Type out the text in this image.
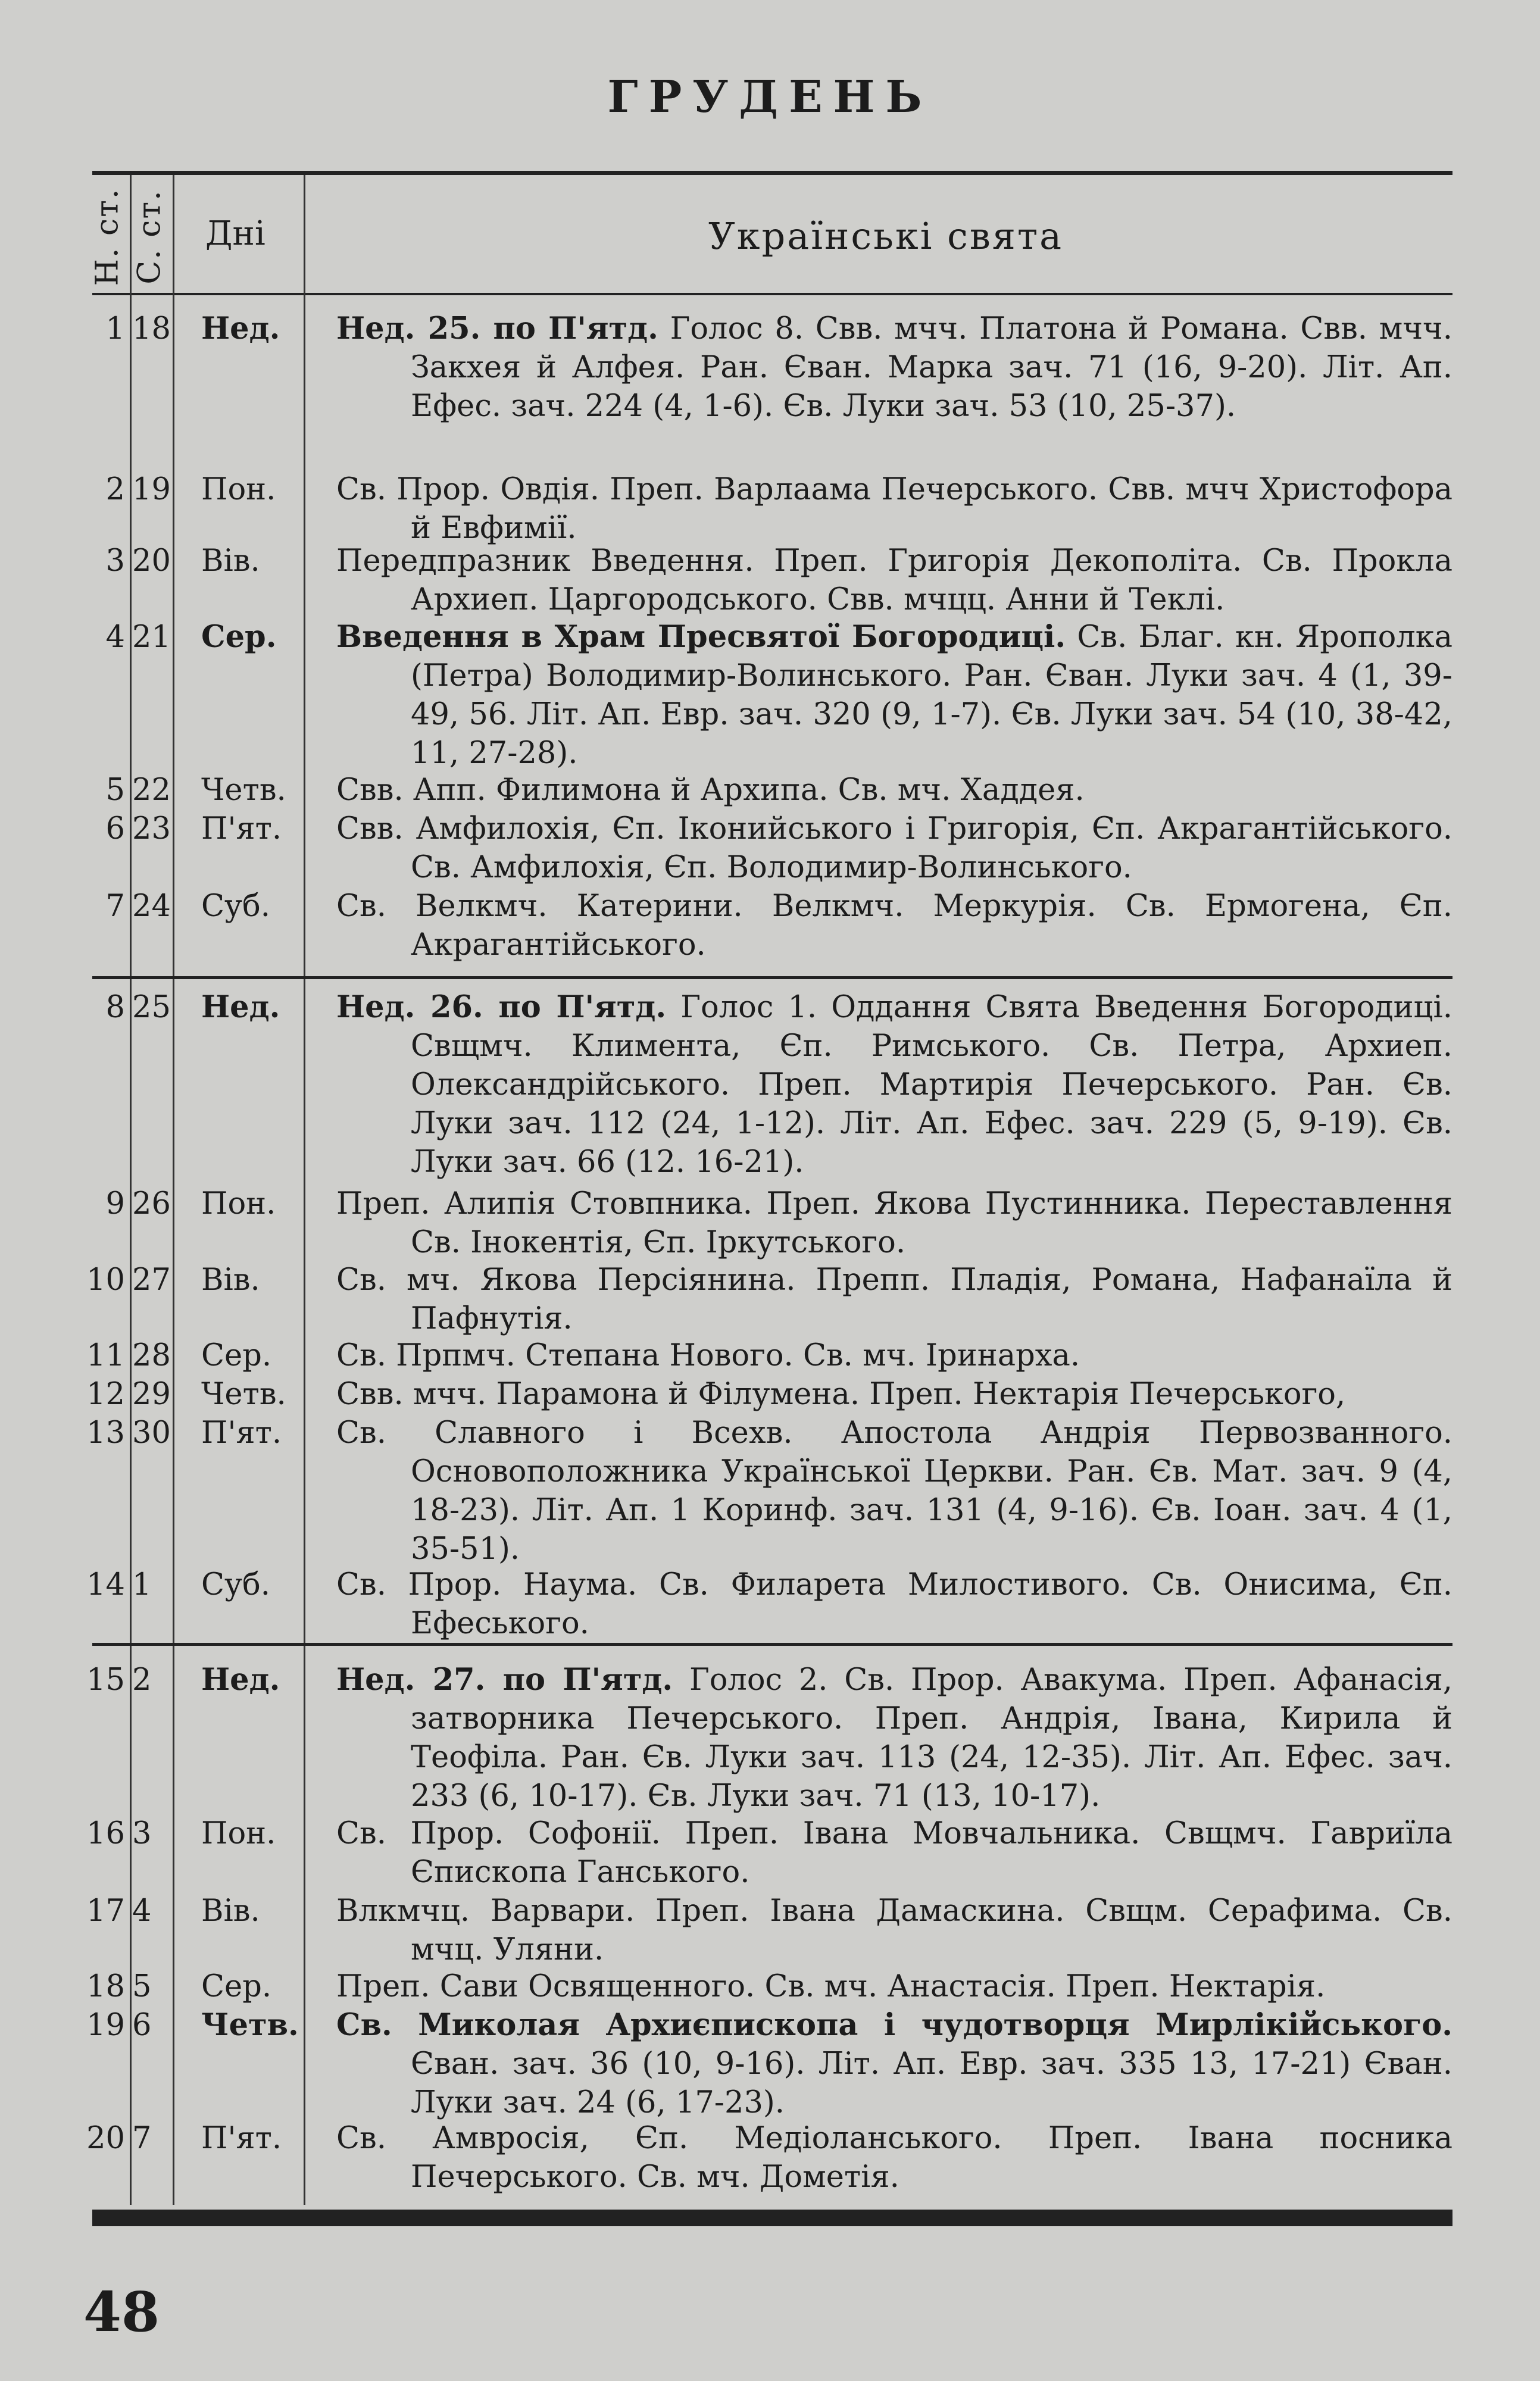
ГРУДЕНЬ
Н. ст. С. ст. Дні	Українські свята
1 18 Нед.	Нед. 25. по П'ятд. Голос 8. Свв. мчч. Платона й Романа. Свв. мчч. Закхея й Алфея. Ран. Єван. Марка зач. 71 (16, 9-20). Літ. Ап. Ефес. зач. 224 (4, 1-6). Єв. Луки зач. 53 (10, 25-37).
2 19 Пон.	Св. Прор. Овдія. Преп. Варлаама Печерського. Свв. мчч Христофора й Евфимії.
3 20 Вів.	Передпразник Введення. Преп. Григорія Декополіта. Св. Прокла Архиеп. Царгородського. Свв. мчцц. Анни й Теклі.
4 21 Сер.	Введення в Храм Пресвятої Богородиці. Св. Благ. кн. Ярополка (Петра) Володимир-Волинського. Ран. Єван. Луки зач. 4 (1, 39-49, 56. Літ. Ап. Евр. зач. 320 (9, 1-7). Єв. Луки зач. 54 (10, 38-42, 11, 27-28).
5 22 Четв.	Свв. Апп. Филимона й Архипа. Св. мч. Хаддея.
6 23 П'ят.	Свв. Амфилохія, Єп. Іконийського і Григорія, Єп. Акрагантійського. Св. Амфилохія, Єп. Володимир-Волинського.
7 24 Суб.	Св. Велкмч. Катерини. Велкмч. Меркурія. Св. Ермогена, Єп. Акрагантійського.
8 25 Нед.	Нед. 26. по П'ятд. Голос 1. Оддання Свята Введення Богородиці. Свщмч. Климента, Єп. Римського. Св. Петра, Архиеп. Олександрійського. Преп. Мартирія Печерського. Ран. Єв. Луки зач. 112 (24, 1-12). Літ. Ап. Ефес. зач. 229 (5, 9-19). Єв. Луки зач. 66 (12. 16-21).
9 26 Пон.	Преп. Алипія Стовпника. Преп. Якова Пустинника. Переставлення Св. Інокентія, Єп. Іркутського.
10 27 Вів.	Св. мч. Якова Персіянина. Препп. Пладія, Романа, Нафанаїла й Пафнутія.
11 28 Сер.	Св. Прпмч. Степана Нового. Св. мч. Іринарха.
12 29 Четв.	Свв. мчч. Парамона й Філумена. Преп. Нектарія Печерського,
13 30 П'ят.	Св. Славного і Всехв. Апостола Андрія Первозванного. Основоположника Української Церкви. Ран. Єв. Мат. зач. 9 (4, 18-23). Літ. Ап. 1 Коринф. зач. 131 (4, 9-16). Єв. Іоан. зач. 4 (1, 35-51).
14 1	Суб.	Св. Прор. Наума. Св. Филарета Милостивого. Св. Онисима, Єп. Ефеського.
15 2	Нед.	Нед. 27. по П'ятд. Голос 2. Св. Прор. Авакума. Преп. Афанасія, затворника Печерського. Преп. Андрія, Івана, Кирила й Теофіла. Ран. Єв. Луки зач. 113 (24, 12-35). Літ. Ап. Ефес. зач. 233 (6, 10-17). Єв. Луки зач. 71 (13, 10-17).
16 3	Пон.	Св. Прор. Софонії. Преп. Івана Мовчальника. Свщмч. Гавриїла Єпископа Ганського.
17 4	Вів.	Влкмчц. Варвари. Преп. Івана Дамаскина. Свщм. Серафима. Св. мчц. Уляни.
18 5	Сер.	Преп. Сави Освященного. Св. мч. Анастасія. Преп. Нектарія.
19 6	Четв. Св. Миколая Архиєпископа і чудотворця Мирлікійського. Єван. зач. 36 (10, 9-16). Літ. Ап. Евр. зач. 335 13, 17-21) Єван. Луки зач. 24 (6, 17-23).
20 7	П'ят.	Св. Амвросія, Єп. Медіоланського. Преп. Івана посника Печерського. Св. мч. Дометія.
48
